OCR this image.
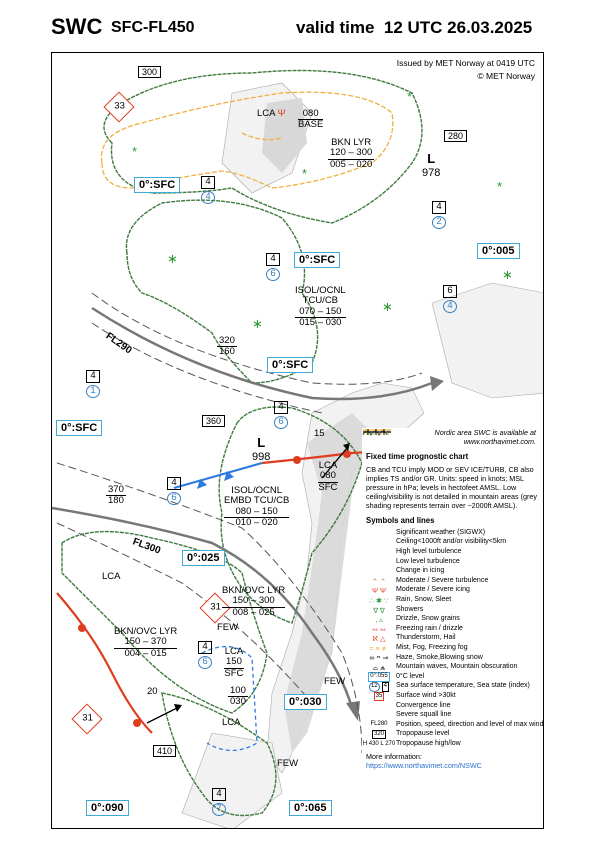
SWC SFC-FL450	valid time 12 UTC 26.03.2025
*
*
*
*
∗
∗
∗
∗
Issued by MET Norway at 0419 UTC
© MET Norway
0°:SFC
0°:005
0°:SFC
0°:SFC
0°:SFC
0°:025
0°:030
0°:090	0°:065
300
280
360
410
33
31
31
4
4
4
2
4
6
6
4
4
1
4
6
4
6
4
6
4
7
FL290
FL300
L
978
L
998
15
20
LCA Ψ	080
BASE
BKN LYR
120 – 300
005 – 020
ISOL/OCNL
TCU/CB
070 – 150
015 – 030
ISOL/OCNL
EMBD TCU/CB
080 – 150
010 – 020
LCA
080
SFC
BKN/OVC LYR
150 – 300
008 – 025
BKN/OVC LYR
150 – 370
004 – 015
FEW
LCA
150
SFC
$\frac{100}{030}$
FEW
FEW
$\frac{320}{160}$
$\frac{370}{180}$
LCA
LCA

Nordic area SWC is available at www.northavimet.com.

Fixed time prognostic chart

CB and TCU imply MOD or SEV ICE/TURB, CB also implies TS and/or GR. Units: speed in knots; MSL pressure in hPa; levels in hectofeet AMSL. Low ceiling/visibility is not detailed in mountain areas (grey shading represents terrain over ~2000ft AMSL).

Symbols and lines
Significant weather (SIGWX)
Ceiling<1000ft and/or visibility<5km
High level turbulence
Low level turbulence
Change in icing
⌃ ⌃ Moderate / Severe turbulence
Ψ Ψ Moderate / Severe icing
∴ ✱ ∵ Rain, Snow, Sleet
∇ ∇ Showers
, ▵ Drizzle, Snow grains
∾ ∾ Freezing rain / drizzle
ℵ △ Thunderstorm, Hail
= ≡ ≢ Mist, Fog, Freezing fog
∞ ᴖ ⇒ Haze, Smoke,Blowing snow
⌓ ⩕ Mountain waves, Mountain obscuration
0°:055 0°C level
12
	4 Sea surface temperature, Sea state (index)
35 Surface wind >30kt
Convergence line
Severe squall line
FL280 Position, speed, direction and level of max wind
320 Tropopause level
H 430 L 270 Tropopause high/low

More information:

https://www.northavimet.com/NSWC
